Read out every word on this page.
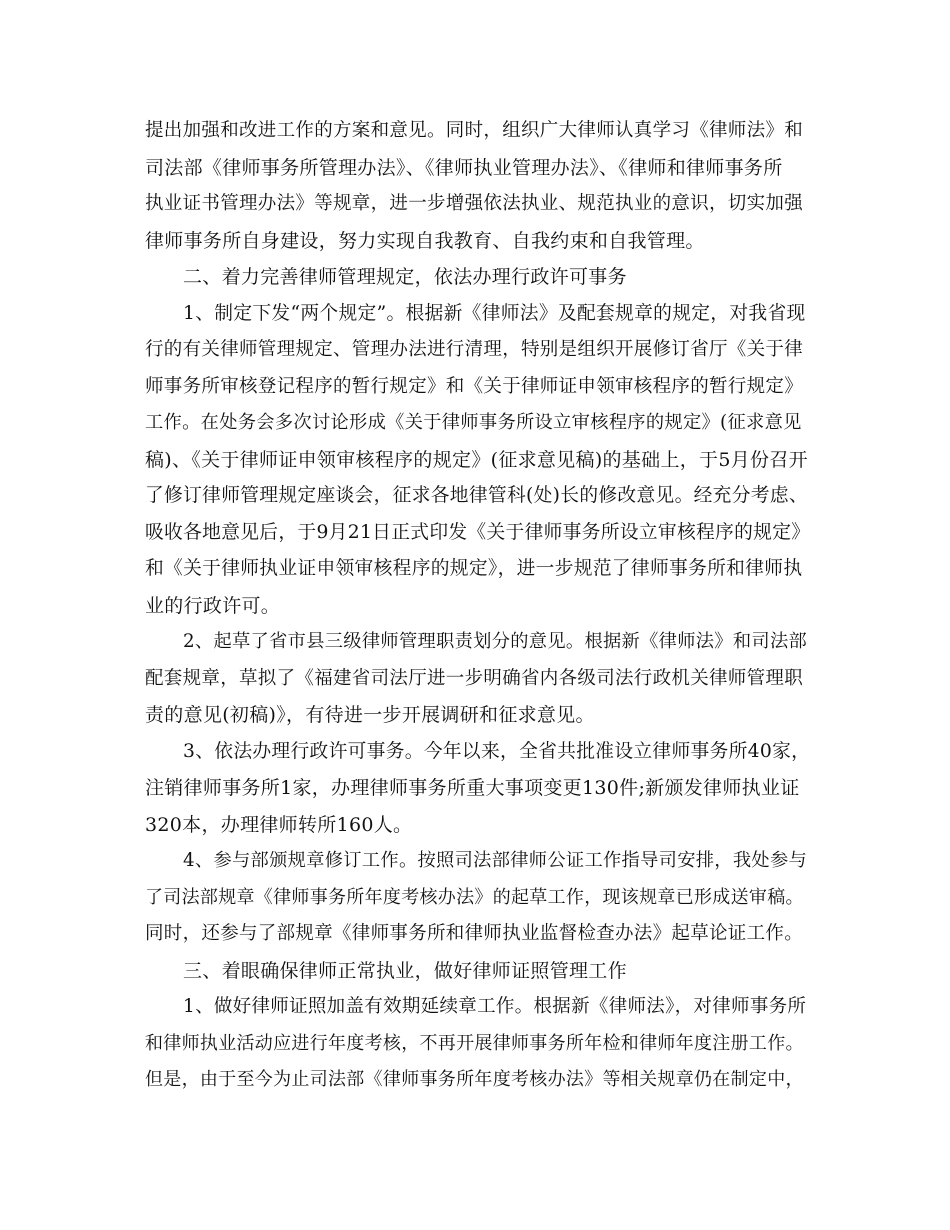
提出加强和改进工作的方案和意见。同时，组织广大律师认真学习《律师法》和
司法部《律师事务所管理办法》、《律师执业管理办法》、《律师和律师事务所
执业证书管理办法》等规章，进一步增强依法执业、规范执业的意识，切实加强
律师事务所自身建设，努力实现自我教育、自我约束和自我管理。
二、着力完善律师管理规定，依法办理行政许可事务
1、制定下发“两个规定”。根据新《律师法》及配套规章的规定，对我省现
行的有关律师管理规定、管理办法进行清理，特别是组织开展修订省厅《关于律
师事务所审核登记程序的暂行规定》和《关于律师证申领审核程序的暂行规定》
工作。在处务会多次讨论形成《关于律师事务所设立审核程序的规定》(征求意见
稿)、《关于律师证申领审核程序的规定》(征求意见稿)的基础上，于5月份召开
了修订律师管理规定座谈会，征求各地律管科(处)长的修改意见。经充分考虑、
吸收各地意见后，于9月21日正式印发《关于律师事务所设立审核程序的规定》
和《关于律师执业证申领审核程序的规定》，进一步规范了律师事务所和律师执
业的行政许可。
2、起草了省市县三级律师管理职责划分的意见。根据新《律师法》和司法部
配套规章，草拟了《福建省司法厅进一步明确省内各级司法行政机关律师管理职
责的意见(初稿)》，有待进一步开展调研和征求意见。
3、依法办理行政许可事务。今年以来，全省共批准设立律师事务所40家，
注销律师事务所1家，办理律师事务所重大事项变更130件;新颁发律师执业证
320本，办理律师转所160人。
4、参与部颁规章修订工作。按照司法部律师公证工作指导司安排，我处参与
了司法部规章《律师事务所年度考核办法》的起草工作，现该规章已形成送审稿。
同时，还参与了部规章《律师事务所和律师执业监督检查办法》起草论证工作。
三、着眼确保律师正常执业，做好律师证照管理工作
1、做好律师证照加盖有效期延续章工作。根据新《律师法》，对律师事务所
和律师执业活动应进行年度考核，不再开展律师事务所年检和律师年度注册工作。
但是，由于至今为止司法部《律师事务所年度考核办法》等相关规章仍在制定中，
